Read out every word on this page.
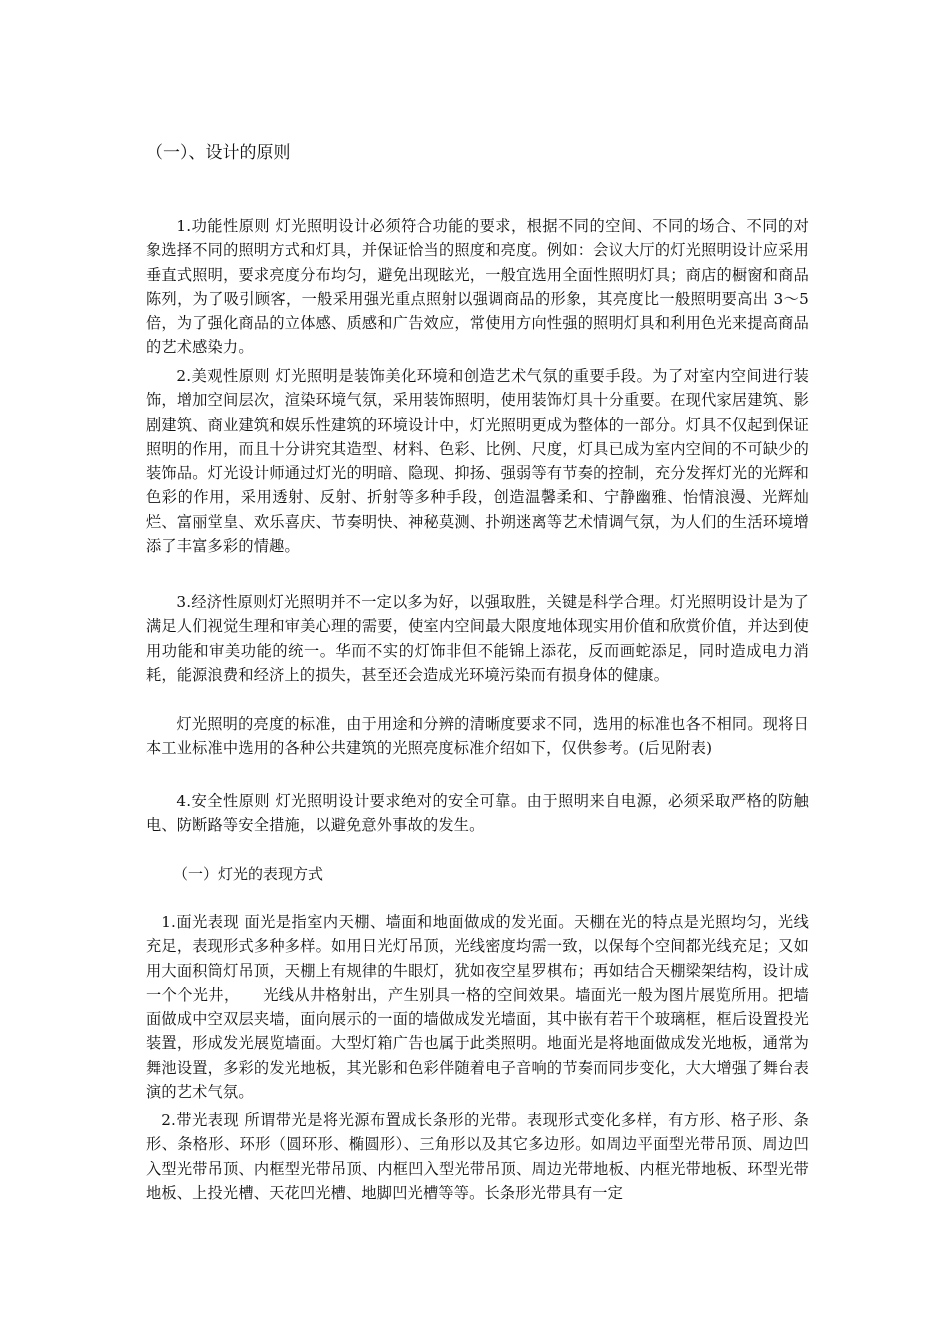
（一）、设计的原则

1.功能性原则 灯光照明设计必须符合功能的要求，根据不同的空间、不同的场合、不同的对象选择不同的照明方式和灯具，并保证恰当的照度和亮度。例如：会议大厅的灯光照明设计应采用垂直式照明，要求亮度分布均匀，避免出现眩光，一般宜选用全面性照明灯具；商店的橱窗和商品陈列，为了吸引顾客，一般采用强光重点照射以强调商品的形象，其亮度比一般照明要高出 3～5 倍，为了强化商品的立体感、质感和广告效应，常使用方向性强的照明灯具和利用色光来提高商品的艺术感染力。

2.美观性原则 灯光照明是装饰美化环境和创造艺术气氛的重要手段。为了对室内空间进行装饰，增加空间层次，渲染环境气氛，采用装饰照明，使用装饰灯具十分重要。在现代家居建筑、影剧建筑、商业建筑和娱乐性建筑的环境设计中，灯光照明更成为整体的一部分。灯具不仅起到保证照明的作用，而且十分讲究其造型、材料、色彩、比例、尺度，灯具已成为室内空间的不可缺少的装饰品。灯光设计师通过灯光的明暗、隐现、抑扬、强弱等有节奏的控制，充分发挥灯光的光辉和色彩的作用，采用透射、反射、折射等多种手段，创造温馨柔和、宁静幽雅、怡情浪漫、光辉灿烂、富丽堂皇、欢乐喜庆、节奏明快、神秘莫测、扑朔迷离等艺术情调气氛，为人们的生活环境增添了丰富多彩的情趣。

3.经济性原则灯光照明并不一定以多为好，以强取胜，关键是科学合理。灯光照明设计是为了满足人们视觉生理和审美心理的需要，使室内空间最大限度地体现实用价值和欣赏价值，并达到使用功能和审美功能的统一。华而不实的灯饰非但不能锦上添花，反而画蛇添足，同时造成电力消耗，能源浪费和经济上的损失，甚至还会造成光环境污染而有损身体的健康。

灯光照明的亮度的标准，由于用途和分辨的清晰度要求不同，选用的标准也各不相同。现将日本工业标准中选用的各种公共建筑的光照亮度标准介绍如下，仅供参考。(后见附表)

4.安全性原则 灯光照明设计要求绝对的安全可靠。由于照明来自电源，必须采取严格的防触电、防断路等安全措施，以避免意外事故的发生。

（一）灯光的表现方式

1.面光表现 面光是指室内天棚、墙面和地面做成的发光面。天棚在光的特点是光照均匀，光线充足，表现形式多种多样。如用日光灯吊顶，光线密度均需一致，以保每个空间都光线充足；又如用大面积筒灯吊顶，天棚上有规律的牛眼灯，犹如夜空星罗棋布；再如结合天棚梁架结构，设计成一个个光井，　　光线从井格射出，产生别具一格的空间效果。墙面光一般为图片展览所用。把墙面做成中空双层夹墙，面向展示的一面的墙做成发光墙面，其中嵌有若干个玻璃框，框后设置投光装置，形成发光展览墙面。大型灯箱广告也属于此类照明。地面光是将地面做成发光地板，通常为舞池设置，多彩的发光地板，其光影和色彩伴随着电子音响的节奏而同步变化，大大增强了舞台表演的艺术气氛。

2.带光表现 所谓带光是将光源布置成长条形的光带。表现形式变化多样，有方形、格子形、条形、条格形、环形（圆环形、椭圆形）、三角形以及其它多边形。如周边平面型光带吊顶、周边凹入型光带吊顶、内框型光带吊顶、内框凹入型光带吊顶、周边光带地板、内框光带地板、环型光带地板、上投光槽、天花凹光槽、地脚凹光槽等等。长条形光带具有一定
